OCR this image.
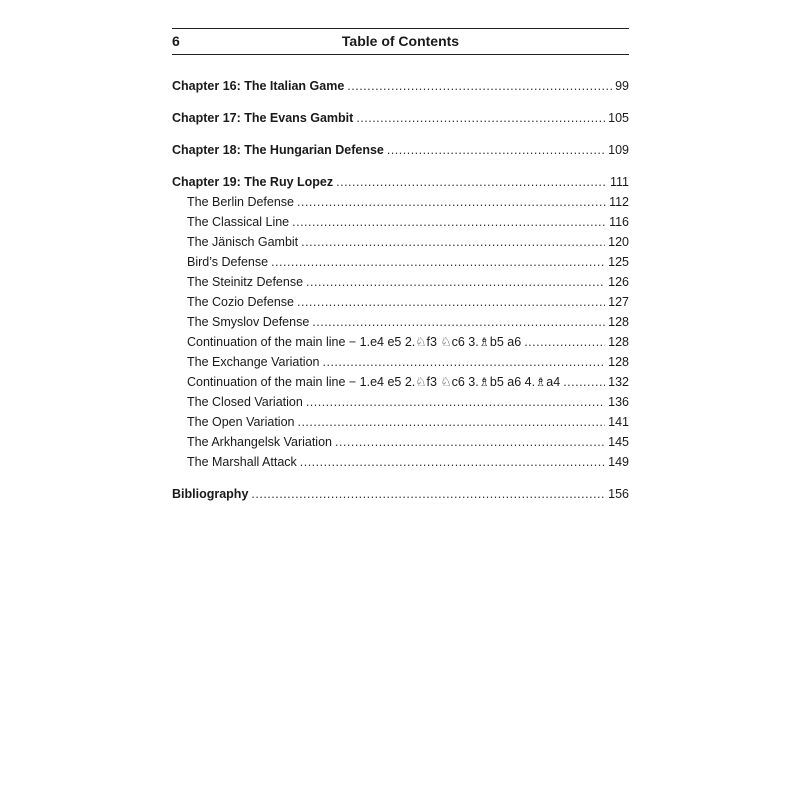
6	Table of Contents
Chapter 16: The Italian Game .....	99
Chapter 17: The Evans Gambit .....	105
Chapter 18: The Hungarian Defense .....	109
Chapter 19: The Ruy Lopez .....	111
The Berlin Defense .....	112
The Classical Line .....	116
The Jänisch Gambit .....	120
Bird’s Defense .....	125
The Steinitz Defense .....	126
The Cozio Defense .....	127
The Smyslov Defense .....	128
Continuation of the main line − 1.e4 e5 2.♘f3 ♘c6 3.♗b5 a6 .....	128
The Exchange Variation .....	128
Continuation of the main line − 1.e4 e5 2.♘f3 ♘c6 3.♗b5 a6 4.♗a4 .....	132
The Closed Variation .....	136
The Open Variation .....	141
The Arkhangelsk Variation .....	145
The Marshall Attack .....	149
Bibliography .....	156
